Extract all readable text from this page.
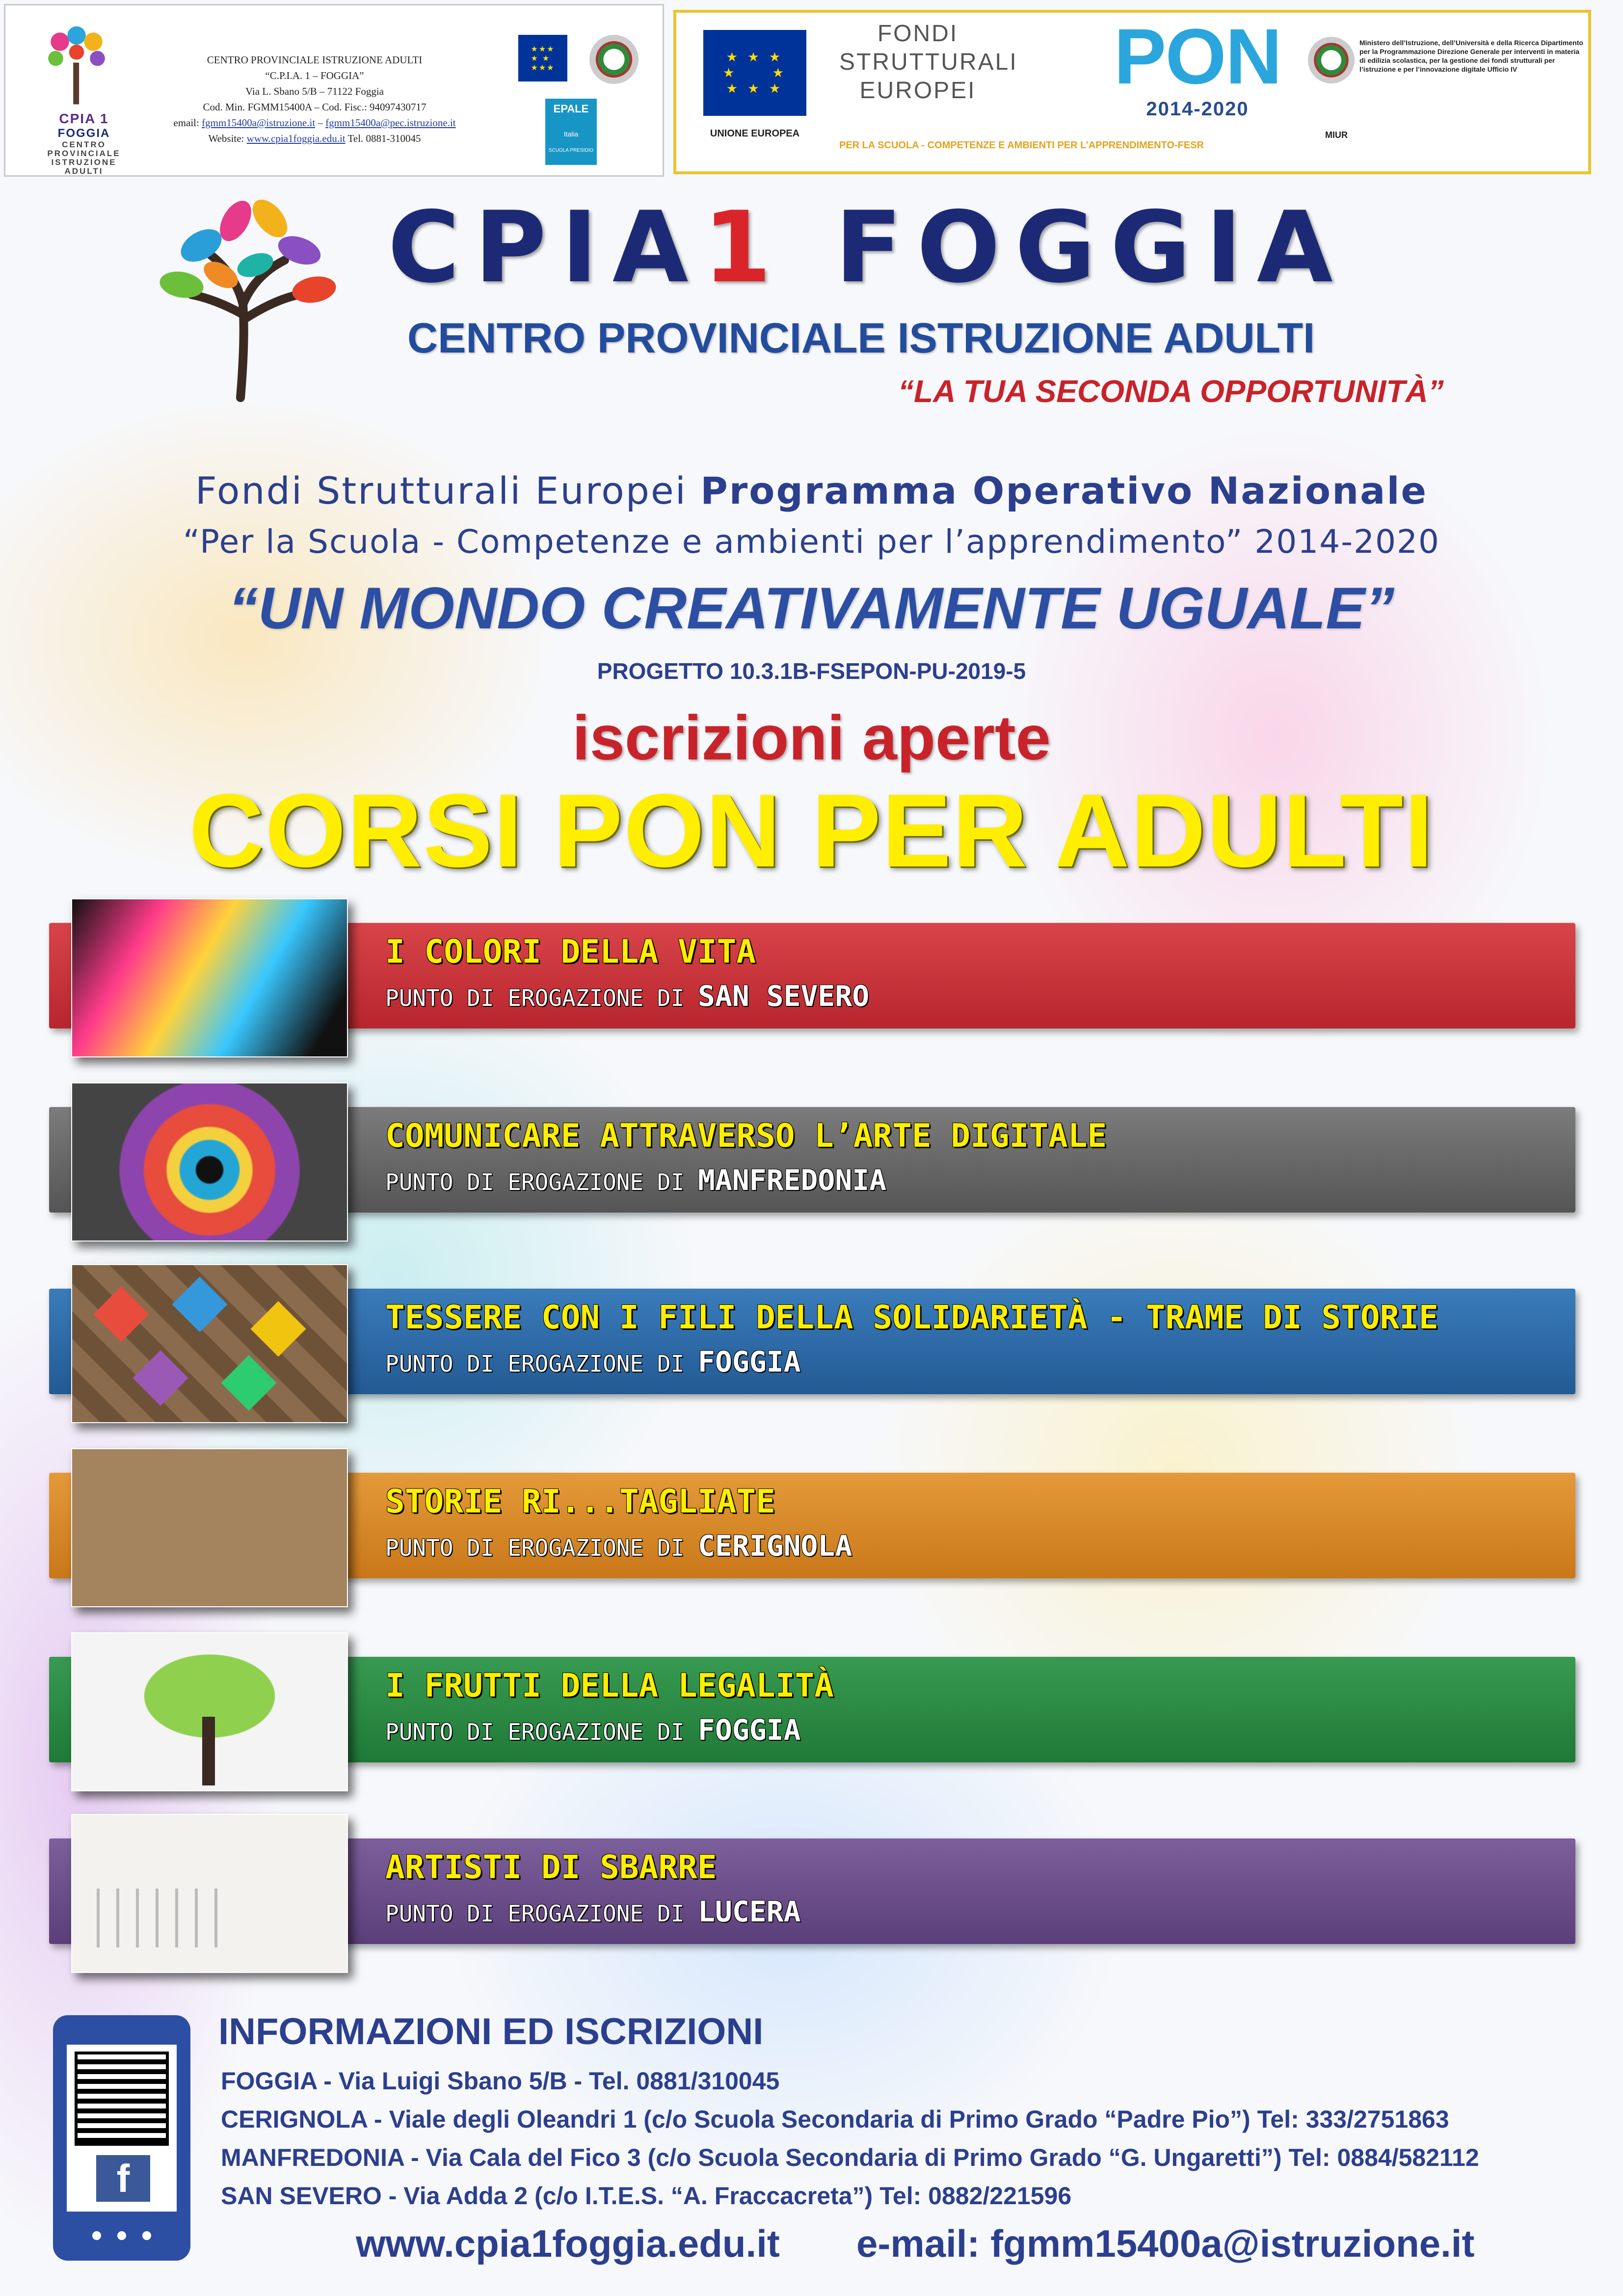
CPIA 1
FOGGIA
CENTRO PROVINCIALE ISTRUZIONE ADULTI
CENTRO PROVINCIALE ISTRUZIONE ADULTI
“C.P.I.A. 1 – FOGGIA”
Via L. Sbano 5/B – 71122 Foggia
Cod. Min. FGMM15400A – Cod. Fisc.: 94097430717
email: fgmm15400a@istruzione.it – fgmm15400a@pec.istruzione.it
Website: www.cpia1foggia.edu.it Tel. 0881-310045
★★★
★ ★
★★★
EPALE
Italia
SCUOLA PRESIDIO
★ ★ ★
★     ★
★ ★ ★
UNIONE EUROPEA
FONDI
STRUTTURALI
EUROPEI PON
2014-2020
PER LA SCUOLA - COMPETENZE E AMBIENTI PER L’APPRENDIMENTO-FESR
MIUR
Ministero dell’Istruzione, dell’Università e della Ricerca Dipartimento per la Programmazione Direzione Generale per interventi in materia di edilizia scolastica, per la gestione dei fondi strutturali per l’istruzione e per l’innovazione digitale Ufficio IV
CPIA1 FOGGIA
CENTRO PROVINCIALE ISTRUZIONE ADULTI
“LA TUA SECONDA OPPORTUNITÀ”
Fondi Strutturali Europei Programma Operativo Nazionale
“Per la Scuola - Competenze e ambienti per l’apprendimento” 2014-2020
“UN MONDO CREATIVAMENTE UGUALE”
PROGETTO 10.3.1B-FSEPON-PU-2019-5
iscrizioni aperte
CORSI PON PER ADULTI
I COLORI DELLA VITA
PUNTO DI EROGAZIONE DI SAN SEVERO
COMUNICARE ATTRAVERSO L’ARTE DIGITALE
PUNTO DI EROGAZIONE DI MANFREDONIA
TESSERE CON I FILI DELLA SOLIDARIETÀ - TRAME DI STORIE
PUNTO DI EROGAZIONE DI FOGGIA
STORIE RI...TAGLIATE
PUNTO DI EROGAZIONE DI CERIGNOLA
I FRUTTI DELLA LEGALITÀ
PUNTO DI EROGAZIONE DI FOGGIA
ARTISTI DI SBARRE
PUNTO DI EROGAZIONE DI LUCERA
f
INFORMAZIONI ED ISCRIZIONI
FOGGIA - Via Luigi Sbano 5/B - Tel. 0881/310045
CERIGNOLA - Viale degli Oleandri 1 (c/o Scuola Secondaria di Primo Grado “Padre Pio”) Tel: 333/2751863
MANFREDONIA - Via Cala del Fico 3 (c/o Scuola Secondaria di Primo Grado “G. Ungaretti”) Tel: 0884/582112
SAN SEVERO - Via Adda 2 (c/o I.T.E.S. “A. Fraccacreta”) Tel: 0882/221596
www.cpia1foggia.edu.it e-mail: fgmm15400a@istruzione.it
